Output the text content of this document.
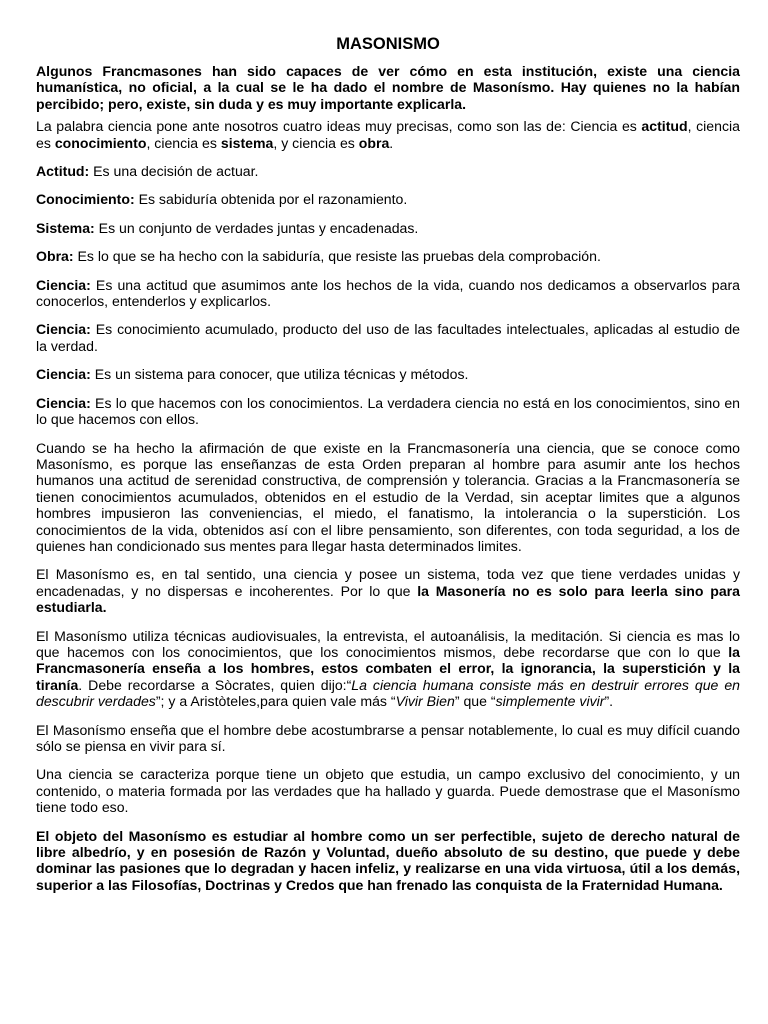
MASONISMO

Algunos Francmasones han sido capaces de ver cómo en esta institución, existe una ciencia humanística, no oficial, a la cual se le ha dado el nombre de Masonísmo. Hay quienes no la habían percibido; pero, existe, sin duda y es muy importante explicarla.

La palabra ciencia pone ante nosotros cuatro ideas muy precisas, como son las de: Ciencia es actitud, ciencia es conocimiento, ciencia es sistema, y ciencia es obra.

Actitud: Es una decisión de actuar.

Conocimiento: Es sabiduría obtenida por el razonamiento.

Sistema: Es un conjunto de verdades juntas y encadenadas.

Obra: Es lo que se ha hecho con la sabiduría, que resiste las pruebas dela comprobación.

Ciencia: Es una actitud que asumimos ante los hechos de la vida, cuando nos dedicamos a observarlos para conocerlos, entenderlos y explicarlos.

Ciencia: Es conocimiento acumulado, producto del uso de las facultades intelectuales, aplicadas al estudio de la verdad.

Ciencia: Es un sistema para conocer, que utiliza técnicas y métodos.

Ciencia: Es lo que hacemos con los conocimientos. La verdadera ciencia no está en los conocimientos, sino en lo que hacemos con ellos.

Cuando se ha hecho la afirmación de que existe en la Francmasonería una ciencia, que se conoce como Masonísmo, es porque las enseñanzas de esta Orden preparan al hombre para asumir ante los hechos humanos una actitud de serenidad constructiva, de comprensión y tolerancia. Gracias a la Francmasonería se tienen conocimientos acumulados, obtenidos en el estudio de la Verdad, sin aceptar limites que a algunos hombres impusieron las conveniencias, el miedo, el fanatismo, la intolerancia o la superstición. Los conocimientos de la vida, obtenidos así con el libre pensamiento, son diferentes, con toda seguridad, a los de quienes han condicionado sus mentes para llegar hasta determinados limites.

El Masonísmo es, en tal sentido, una ciencia y posee un sistema, toda vez que tiene verdades unidas y encadenadas, y no dispersas e incoherentes. Por lo que la Masonería no es solo para leerla sino para estudiarla.

El Masonísmo utiliza técnicas audiovisuales, la entrevista, el autoanálisis, la meditación. Si ciencia es mas lo que hacemos con los conocimientos, que los conocimientos mismos, debe recordarse que con lo que la Francmasonería enseña a los hombres, estos combaten el error, la ignorancia, la superstición y la tiranía. Debe recordarse a Sòcrates, quien dijo:“La ciencia humana consiste más en destruir errores que en descubrir verdades”; y a Aristòteles,para quien vale más “Vivir Bien” que “simplemente vivir”.

El Masonísmo enseña que el hombre debe acostumbrarse a pensar notablemente, lo cual es muy difícil cuando sólo se piensa en vivir para sí.

Una ciencia se caracteriza porque tiene un objeto que estudia, un campo exclusivo del conocimiento, y un contenido, o materia formada por las verdades que ha hallado y guarda. Puede demostrase que el Masonísmo tiene todo eso.

El objeto del Masonísmo es estudiar al hombre como un ser perfectible, sujeto de derecho natural de libre albedrío, y en posesión de Razón y Voluntad, dueño absoluto de su destino, que puede y debe dominar las pasiones que lo degradan y hacen infeliz, y realizarse en una vida virtuosa, útil a los demás, superior a las Filosofías, Doctrinas y Credos que han frenado las conquista de la Fraternidad Humana.
